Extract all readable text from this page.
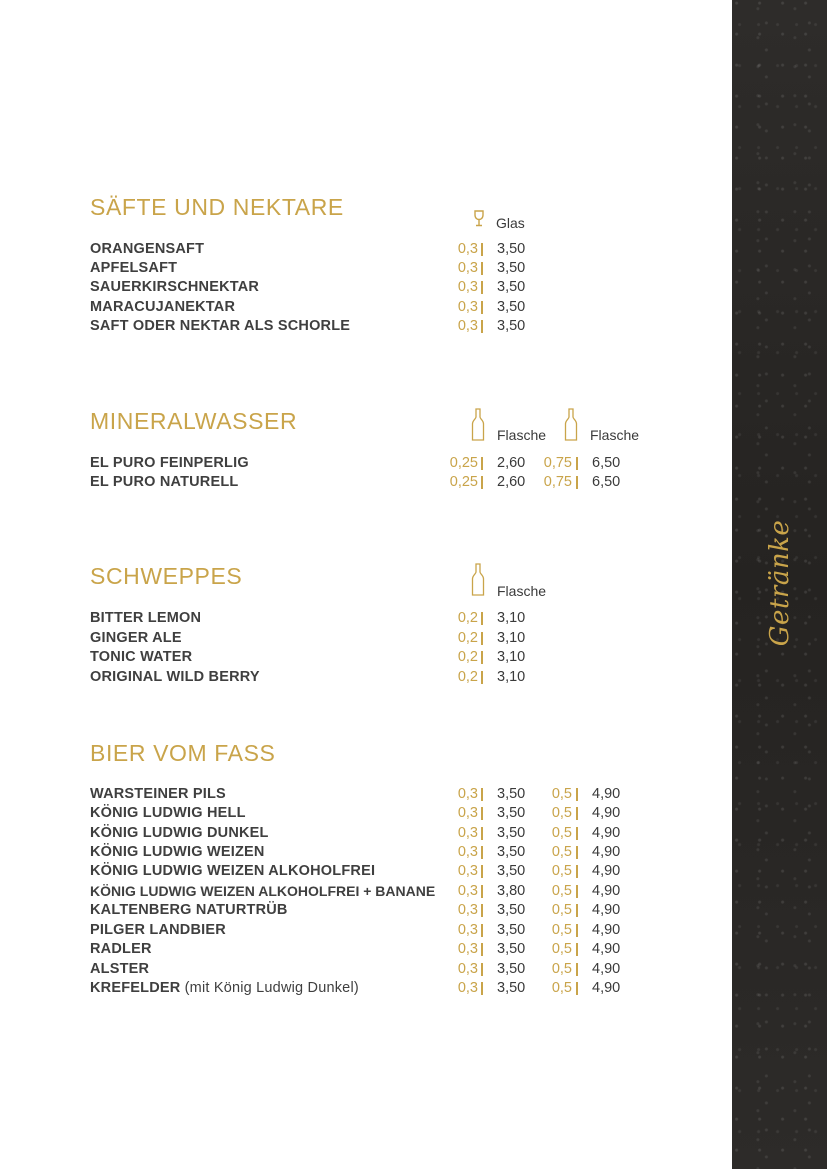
Getränke
SÄFTE UND NEKTARE
Glas
ORANGENSAFT	0,3 3,50
APFELSAFT	0,3 3,50
SAUERKIRSCHNEKTAR	0,3 3,50
MARACUJANEKTAR	0,3 3,50
SAFT ODER NEKTAR ALS SCHORLE	0,3 3,50
MINERALWASSER
Flasche	Flasche
EL PURO FEINPERLIG	0,25 2,60	0,75 6,50
EL PURO NATURELL	0,25 2,60	0,75 6,50
SCHWEPPES
Flasche
BITTER LEMON	0,2 3,10
GINGER ALE	0,2 3,10
TONIC WATER	0,2 3,10
ORIGINAL WILD BERRY	0,2 3,10
BIER VOM FASS
WARSTEINER PILS	0,3 3,50	0,5 4,90
KÖNIG LUDWIG HELL	0,3 3,50	0,5 4,90
KÖNIG LUDWIG DUNKEL	0,3 3,50	0,5 4,90
KÖNIG LUDWIG WEIZEN	0,3 3,50	0,5 4,90
KÖNIG LUDWIG WEIZEN ALKOHOLFREI	0,3 3,50	0,5 4,90
KÖNIG LUDWIG WEIZEN ALKOHOLFREI + BANANE	0,3 3,80	0,5 4,90
KALTENBERG NATURTRÜB	0,3 3,50	0,5 4,90
PILGER LANDBIER	0,3 3,50	0,5 4,90
RADLER	0,3 3,50	0,5 4,90
ALSTER	0,3 3,50	0,5 4,90
KREFELDER (mit König Ludwig Dunkel)	0,3 3,50	0,5 4,90
